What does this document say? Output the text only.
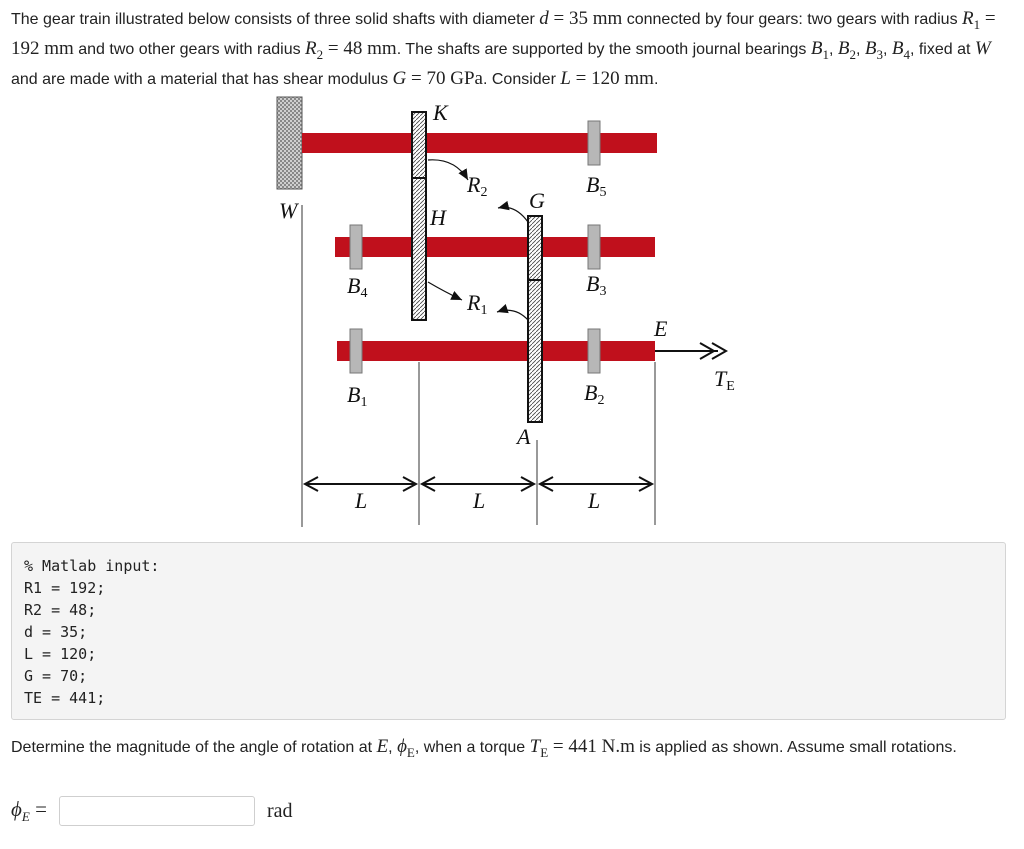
The gear train illustrated below consists of three solid shafts with diameter d = 35 mm connected by four gears: two gears with radius $R_1 = 192$ mm and two other gears with radius $R_2 = 48$ mm. The shafts are supported by the smooth journal bearings $B_1$, $B_2$, $B_3$, $B_4$, fixed at W and are made with a material that has shear modulus G = 70 GPa. Consider L = 120 mm.

K
H
G
A
W
E
R2
R1
B5
B4	B3
B1	B2
TE
L	L	L
% Matlab input:
R1 = 192;
R2 = 48;
d = 35;
L = 120;
G = 70;
TE = 441;

Determine the magnitude of the angle of rotation at E, $\phi_E$, when a torque $T_E = 441$ N.m is applied as shown. Assume small rotations.

$\phi_E$ =	rad
